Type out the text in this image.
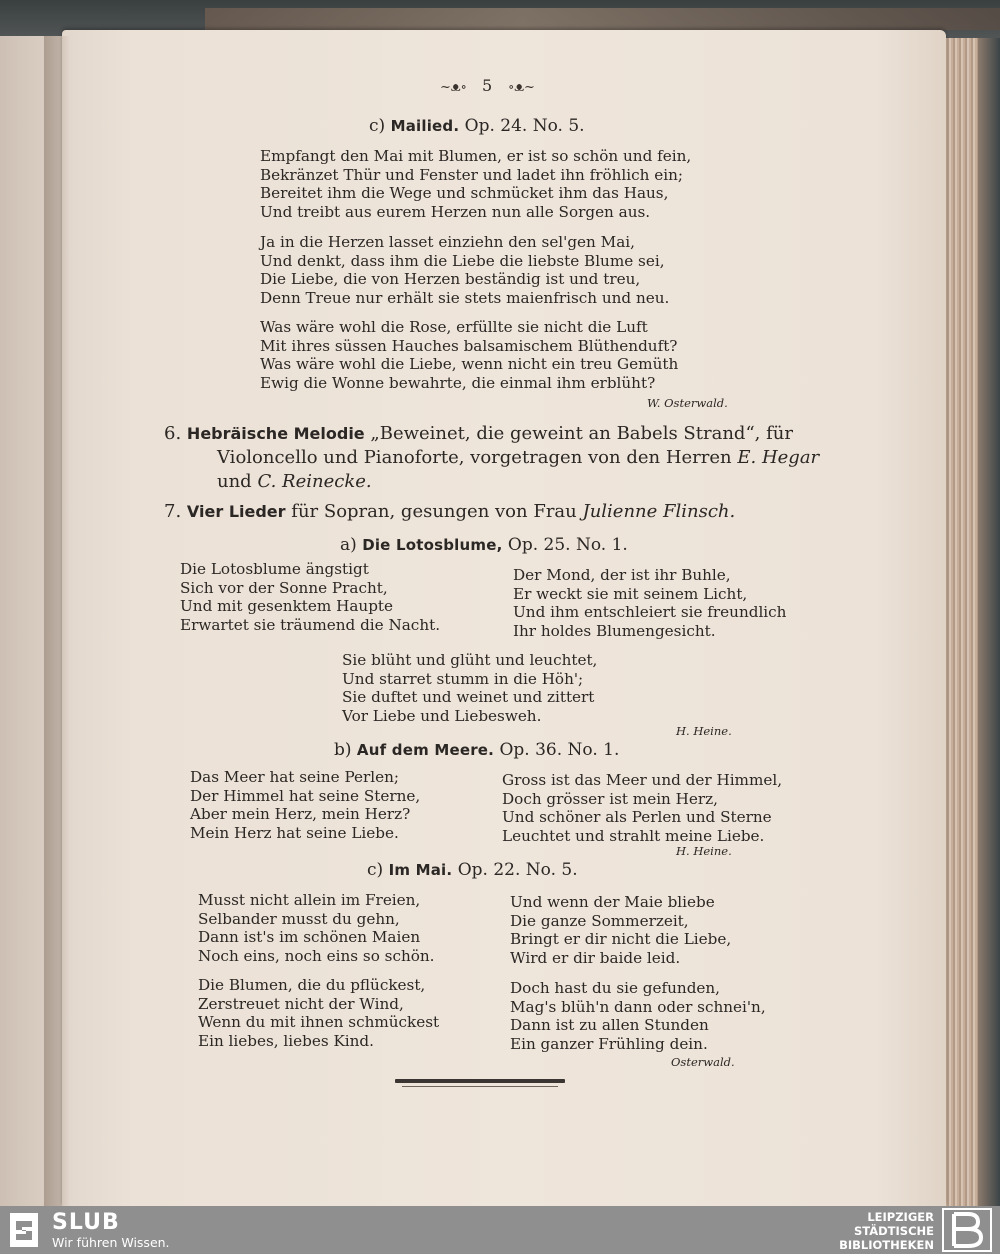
~ᴥ∘ 5 ∘ᴥ~
c) Mailied. Op. 24. No. 5.
Empfangt den Mai mit Blumen, er ist so schön und fein,
Bekränzet Thür und Fenster und ladet ihn fröhlich ein;
Bereitet ihm die Wege und schmücket ihm das Haus,
Und treibt aus eurem Herzen nun alle Sorgen aus.
Ja in die Herzen lasset einziehn den sel'gen Mai,
Und denkt, dass ihm die Liebe die liebste Blume sei,
Die Liebe, die von Herzen beständig ist und treu,
Denn Treue nur erhält sie stets maienfrisch und neu.
Was wäre wohl die Rose, erfüllte sie nicht die Luft
Mit ihres süssen Hauches balsamischem Blüthenduft?
Was wäre wohl die Liebe, wenn nicht ein treu Gemüth
Ewig die Wonne bewahrte, die einmal ihm erblüht?
W. Osterwald.
6. Hebräische Melodie „Beweinet, die geweint an Babels Strand“, für
Violoncello und Pianoforte, vorgetragen von den Herren E. Hegar
und C. Reinecke.
7. Vier Lieder für Sopran, gesungen von Frau Julienne Flinsch.
a) Die Lotosblume, Op. 25. No. 1.
Die Lotosblume ängstigt
Sich vor der Sonne Pracht,
Und mit gesenktem Haupte
Erwartet sie träumend die Nacht.
Der Mond, der ist ihr Buhle,
Er weckt sie mit seinem Licht,
Und ihm entschleiert sie freundlich
Ihr holdes Blumengesicht.
Sie blüht und glüht und leuchtet,
Und starret stumm in die Höh';
Sie duftet und weinet und zittert
Vor Liebe und Liebesweh.
H. Heine.
b) Auf dem Meere. Op. 36. No. 1.
Das Meer hat seine Perlen;
Der Himmel hat seine Sterne,
Aber mein Herz, mein Herz?
Mein Herz hat seine Liebe.
Gross ist das Meer und der Himmel,
Doch grösser ist mein Herz,
Und schöner als Perlen und Sterne
Leuchtet und strahlt meine Liebe.
H. Heine.
c) Im Mai. Op. 22. No. 5.
Musst nicht allein im Freien,
Selbander musst du gehn,
Dann ist's im schönen Maien
Noch eins, noch eins so schön.
Und wenn der Maie bliebe
Die ganze Sommerzeit,
Bringt er dir nicht die Liebe,
Wird er dir baide leid.
Die Blumen, die du pflückest,
Zerstreuet nicht der Wind,
Wenn du mit ihnen schmückest
Ein liebes, liebes Kind.
Doch hast du sie gefunden,
Mag's blüh'n dann oder schnei'n,
Dann ist zu allen Stunden
Ein ganzer Frühling dein.
Osterwald.
SLUB
Wir führen Wissen.
LEIPZIGER
STÄDTISCHE
BIBLIOTHEKEN
